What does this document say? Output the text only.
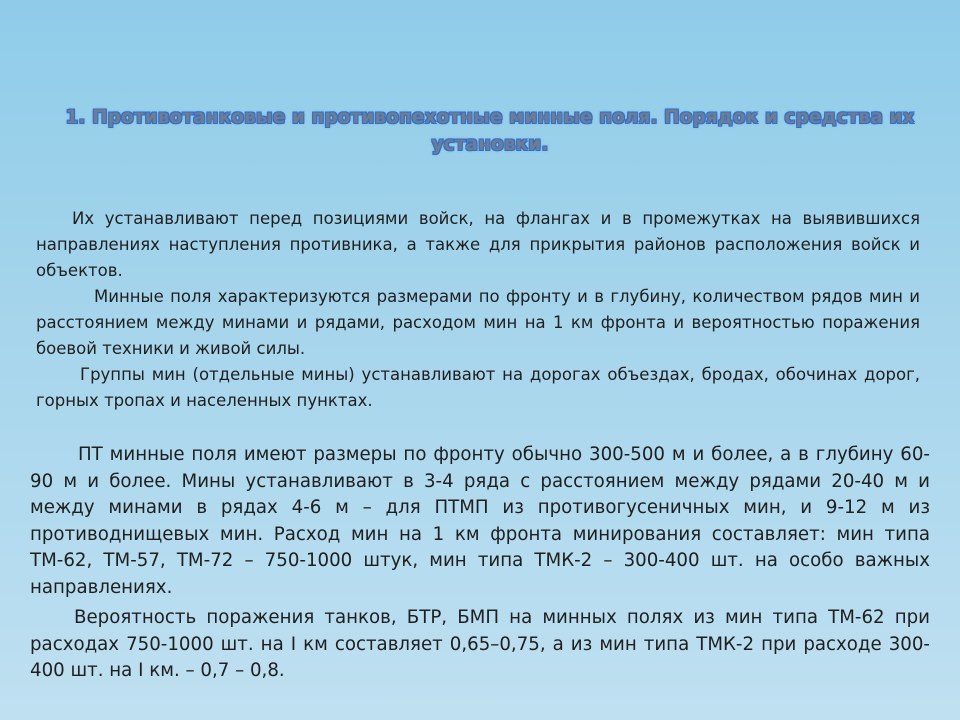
1. Противотанковые и противопехотные минные поля. Порядок и средства их установки.

Их устанавливают перед позициями войск, на флангах и в промежутках на выявившихся направлениях наступления противника, а также для прикрытия районов расположения войск и объектов.

Минные поля характеризуются размерами по фронту и в глубину, количеством рядов мин и расстоянием между минами и рядами, расходом мин на 1 км фронта и вероятностью поражения боевой техники и живой силы.

Группы мин (отдельные мины) устанавливают на дорогах объездах, бродах, обочинах дорог, горных тропах и населенных пунктах.

ПТ минные поля имеют размеры по фронту обычно 300-500 м и более, а в глубину 60-90 м и более. Мины устанавливают в 3-4 ряда с расстоянием между рядами 20-40 м и между минами в рядах 4-6 м – для ПТМП из противогусеничных мин, и 9-12 м из противоднищевых мин. Расход мин на 1 км фронта минирования составляет: мин типа ТМ-62, ТМ-57, ТМ-72 – 750-1000 штук, мин типа ТМК-2 – 300-400 шт. на особо важных направлениях.

Вероятность поражения танков, БТР, БМП на минных полях из мин типа ТМ-62 при расходах 750-1000 шт. на I км составляет 0,65–0,75, а из мин типа ТМК-2 при расходе 300-400 шт. на I км. – 0,7 – 0,8.
